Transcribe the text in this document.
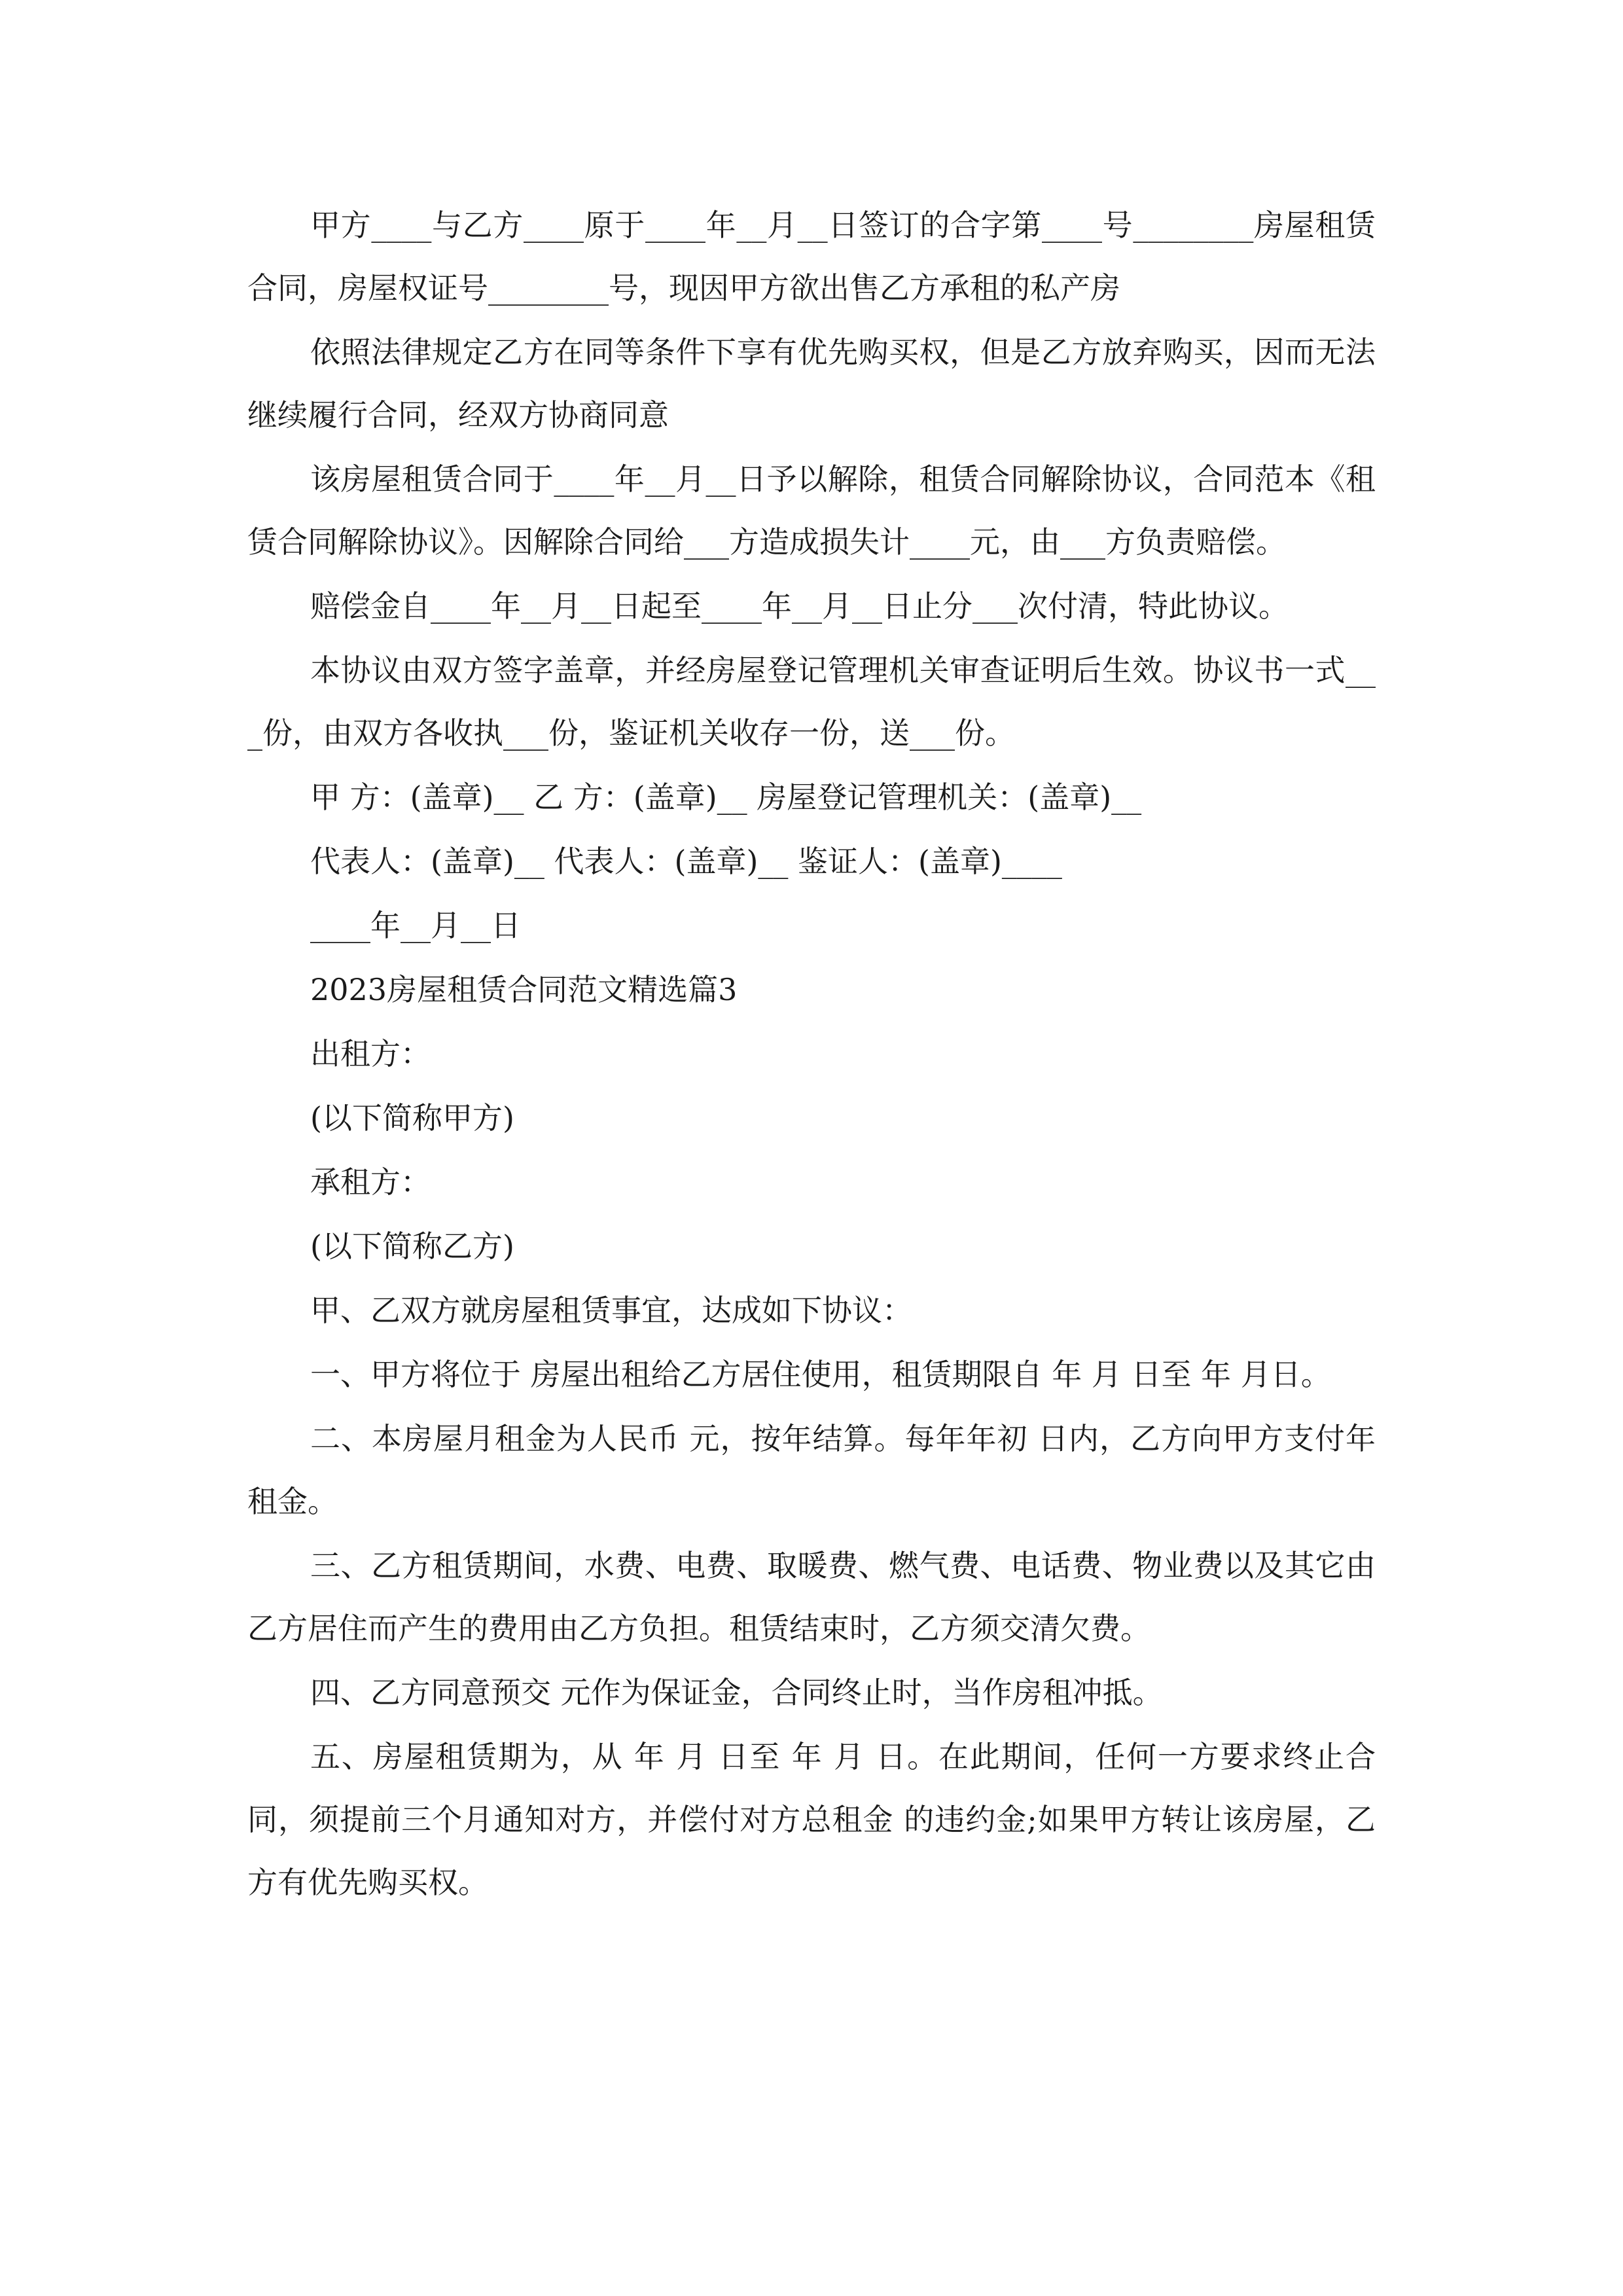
甲方____与乙方____原于____年__月__日签订的合字第____号________房屋租赁合同，房屋权证号________号，现因甲方欲出售乙方承租的私产房

依照法律规定乙方在同等条件下享有优先购买权，但是乙方放弃购买，因而无法继续履行合同，经双方协商同意

该房屋租赁合同于____年__月__日予以解除，租赁合同解除协议，合同范本《租赁合同解除协议》。因解除合同给___方造成损失计____元，由___方负责赔偿。

赔偿金自____年__月__日起至____年__月__日止分___次付清，特此协议。

本协议由双方签字盖章，并经房屋登记管理机关审查证明后生效。协议书一式___份，由双方各收执___份，鉴证机关收存一份，送___份。

甲 方：(盖章)__ 乙 方：(盖章)__ 房屋登记管理机关：(盖章)__

代表人：(盖章)__ 代表人：(盖章)__ 鉴证人：(盖章)____

____年__月__日

2023房屋租赁合同范文精选篇3

出租方：

(以下简称甲方)

承租方：

(以下简称乙方)

甲、乙双方就房屋租赁事宜，达成如下协议：

一、甲方将位于 房屋出租给乙方居住使用，租赁期限自 年 月 日至 年 月日。

二、本房屋月租金为人民币 元，按年结算。每年年初 日内，乙方向甲方支付年租金。

三、乙方租赁期间，水费、电费、取暖费、燃气费、电话费、物业费以及其它由乙方居住而产生的费用由乙方负担。租赁结束时，乙方须交清欠费。

四、乙方同意预交 元作为保证金，合同终止时，当作房租冲抵。

五、房屋租赁期为，从 年 月 日至 年 月 日。在此期间，任何一方要求终止合同，须提前三个月通知对方，并偿付对方总租金 的违约金;如果甲方转让该房屋，乙方有优先购买权。
